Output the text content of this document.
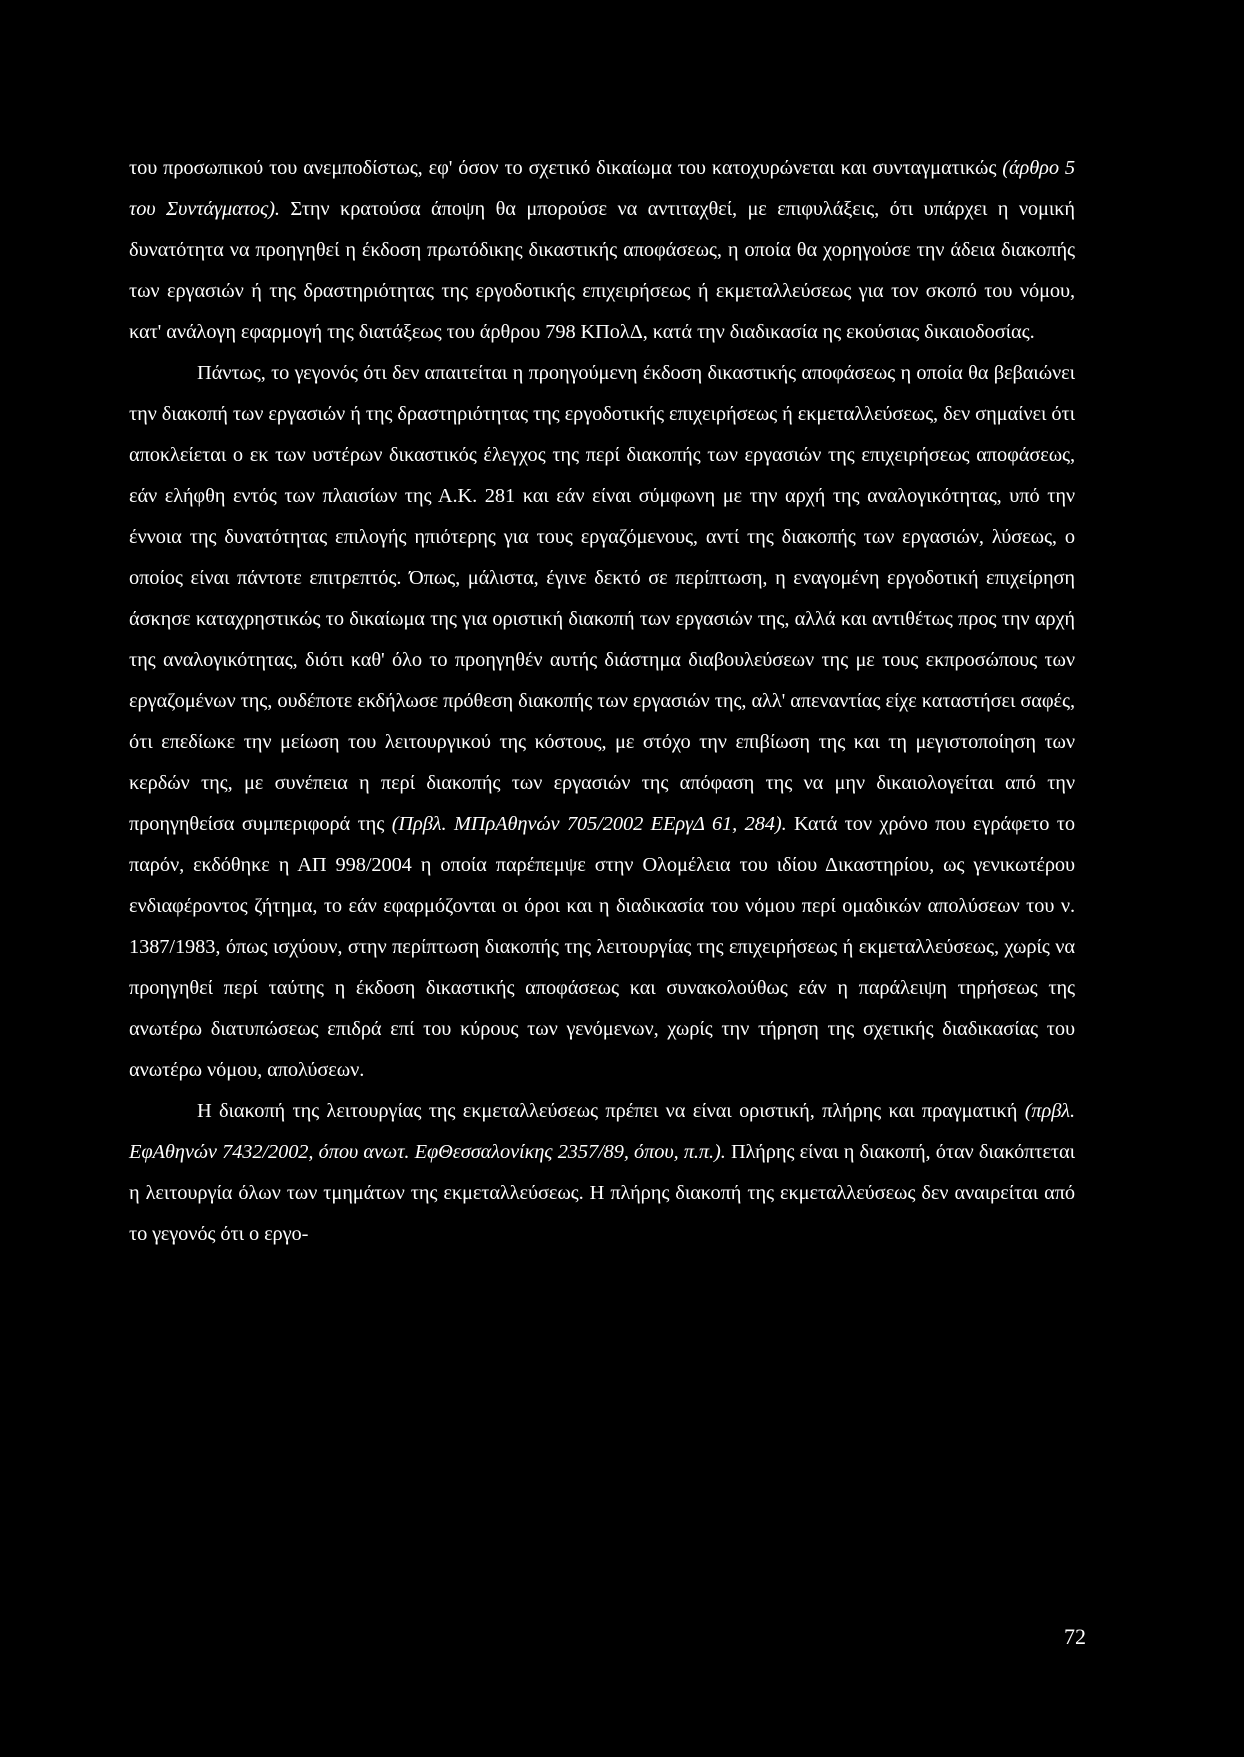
του προσωπικού του ανεμποδίστως, εφ' όσον το σχετικό δικαίωμα του κατοχυρώνεται και συνταγματικώς (άρθρο 5 του Συντάγματος). Στην κρατούσα άποψη θα μπορούσε να αντιταχθεί, με επιφυλάξεις, ότι υπάρχει η νομική δυνατότητα να προηγηθεί η έκδοση πρωτόδικης δικαστικής αποφάσεως, η οποία θα χορηγούσε την άδεια διακοπής των εργασιών ή της δραστηριότητας της εργοδοτικής επιχειρήσεως ή εκμεταλλεύσεως για τον σκοπό του νόμου, κατ' ανάλογη εφαρμογή της διατάξεως του άρθρου 798 ΚΠολΔ, κατά την διαδικασία ης εκούσιας δικαιοδοσίας.

Πάντως, το γεγονός ότι δεν απαιτείται η προηγούμενη έκδοση δικαστικής αποφάσεως η οποία θα βεβαιώνει την διακοπή των εργασιών ή της δραστηριότητας της εργοδοτικής επιχειρήσεως ή εκμεταλλεύσεως, δεν σημαίνει ότι αποκλείεται ο εκ των υστέρων δικαστικός έλεγχος της περί διακοπής των εργασιών της επιχειρήσεως αποφάσεως, εάν ελήφθη εντός των πλαισίων της Α.Κ. 281 και εάν είναι σύμφωνη με την αρχή της αναλογικότητας, υπό την έννοια της δυνατότητας επιλογής ηπιότερης για τους εργαζόμενους, αντί της διακοπής των εργασιών, λύσεως, ο οποίος είναι πάντοτε επιτρεπτός. Όπως, μάλιστα, έγινε δεκτό σε περίπτωση, η εναγομένη εργοδοτική επιχείρηση άσκησε καταχρηστικώς το δικαίωμα της για οριστική διακοπή των εργασιών της, αλλά και αντιθέτως προς την αρχή της αναλογικότητας, διότι καθ' όλο το προηγηθέν αυτής διάστημα διαβουλεύσεων της με τους εκπροσώπους των εργαζομένων της, ουδέποτε εκδήλωσε πρόθεση διακοπής των εργασιών της, αλλ' απεναντίας είχε καταστήσει σαφές, ότι επεδίωκε την μείωση του λειτουργικού της κόστους, με στόχο την επιβίωση της και τη μεγιστοποίηση των κερδών της, με συνέπεια η περί διακοπής των εργασιών της απόφαση της να μην δικαιολογείται από την προηγηθείσα συμπεριφορά της (Πρβλ. ΜΠρΑθηνών 705/2002 ΕΕργΔ 61, 284). Κατά τον χρόνο που εγράφετο το παρόν, εκδόθηκε η ΑΠ 998/2004 η οποία παρέπεμψε στην Ολομέλεια του ιδίου Δικαστηρίου, ως γενικωτέρου ενδιαφέροντος ζήτημα, το εάν εφαρμόζονται οι όροι και η διαδικασία του νόμου περί ομαδικών απολύσεων του ν. 1387/1983, όπως ισχύουν, στην περίπτωση διακοπής της λειτουργίας της επιχειρήσεως ή εκμεταλλεύσεως, χωρίς να προηγηθεί περί ταύτης η έκδοση δικαστικής αποφάσεως και συνακολούθως εάν η παράλειψη τηρήσεως της ανωτέρω διατυπώσεως επιδρά επί του κύρους των γενόμενων, χωρίς την τήρηση της σχετικής διαδικασίας του ανωτέρω νόμου, απολύσεων.

Η διακοπή της λειτουργίας της εκμεταλλεύσεως πρέπει να είναι οριστική, πλήρης και πραγματική (πρβλ. ΕφΑθηνών 7432/2002, όπου ανωτ. ΕφΘεσσαλονίκης 2357/89, όπου, π.π.). Πλήρης είναι η διακοπή, όταν διακόπτεται η λειτουργία όλων των τμημάτων της εκμεταλλεύσεως. Η πλήρης διακοπή της εκμεταλλεύσεως δεν αναιρείται από το γεγονός ότι ο εργο-

72
